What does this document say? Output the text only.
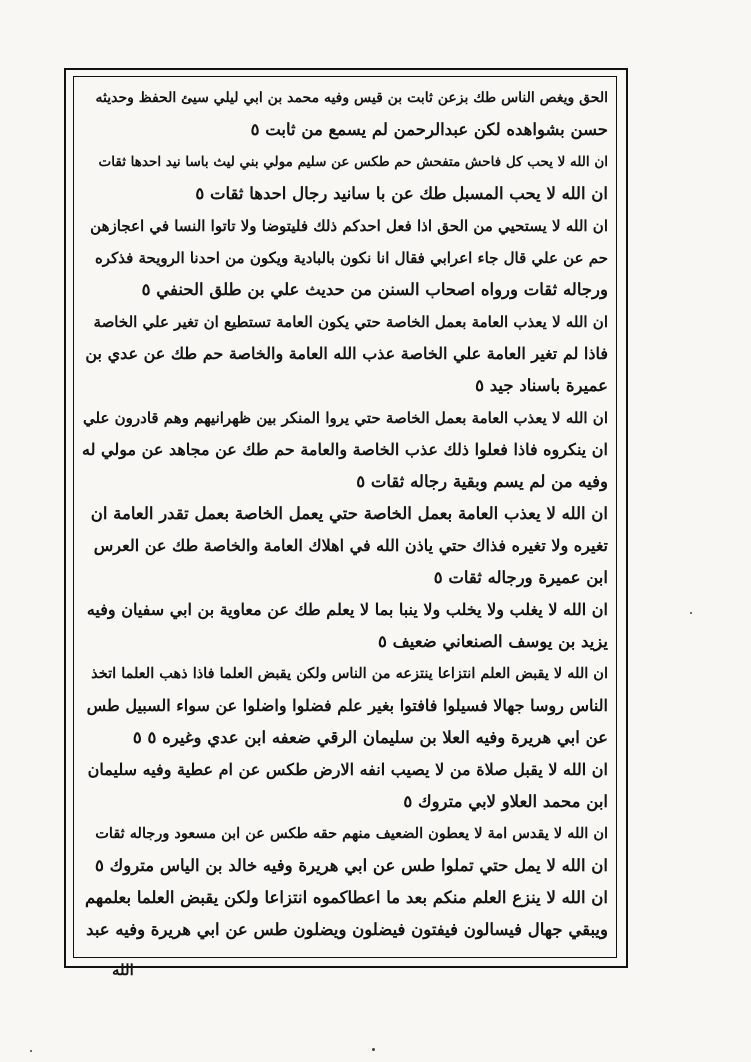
الحق ويغص الناس طك بزعن ثابت بن قيس وفيه محمد بن ابي ليلي سيئ الحفظ وحديثه
حسن بشواهده لكن عبدالرحمن لم يسمع من ثابت ٥
ان الله لا يحب كل فاحش متفحش حم طكس عن سليم مولي بني ليث باسا نيد احدها ثقات
ان الله لا يحب المسبل طك عن با سانيد رجال احدها ثقات ٥
ان الله لا يستحيي من الحق اذا فعل احدكم ذلك فليتوضا ولا تاتوا النسا في اعجازهن
حم عن علي قال جاء اعرابي فقال انا نكون بالبادية ويكون من احدنا الرويحة فذكره
ورجاله ثقات ورواه اصحاب السنن من حديث علي بن طلق الحنفي ٥
ان الله لا يعذب العامة بعمل الخاصة حتي يكون العامة تستطيع ان تغير علي الخاصة
فاذا لم تغير العامة علي الخاصة عذب الله العامة والخاصة حم طك عن عدي بن
عميرة باسناد جيد ٥
ان الله لا يعذب العامة بعمل الخاصة حتي يروا المنكر بين ظهرانيهم وهم قادرون علي
ان ينكروه فاذا فعلوا ذلك عذب الخاصة والعامة حم طك عن مجاهد عن مولي له
وفيه من لم يسم وبقية رجاله ثقات ٥
ان الله لا يعذب العامة بعمل الخاصة حتي يعمل الخاصة بعمل تقدر العامة ان
تغيره ولا تغيره فذاك حتي ياذن الله في اهلاك العامة والخاصة طك عن العرس
ابن عميرة ورجاله ثقات ٥
ان الله لا يغلب ولا يخلب ولا ينبا بما لا يعلم طك عن معاوية بن ابي سفيان وفيه
يزيد بن يوسف الصنعاني ضعيف ٥
ان الله لا يقبض العلم انتزاعا ينتزعه من الناس ولكن يقبض العلما فاذا ذهب العلما اتخذ
الناس روسا جهالا فسيلوا فافتوا بغير علم فضلوا واضلوا عن سواء السبيل طس
عن ابي هريرة وفيه العلا بن سليمان الرقي ضعفه ابن عدي وغيره ٥ ٥
ان الله لا يقبل صلاة من لا يصيب انفه الارض طكس عن ام عطية وفيه سليمان
ابن محمد العلاو لابي متروك ٥
ان الله لا يقدس امة لا يعطون الضعيف منهم حقه طكس عن ابن مسعود ورجاله ثقات
ان الله لا يمل حتي تملوا طس عن ابي هريرة وفيه خالد بن الياس متروك ٥
ان الله لا ينزع العلم منكم بعد ما اعطاكموه انتزاعا ولكن يقبض العلما بعلمهم
ويبقي جهال فيسالون فيفتون فيضلون ويضلون طس عن ابي هريرة وفيه عبد
الله
